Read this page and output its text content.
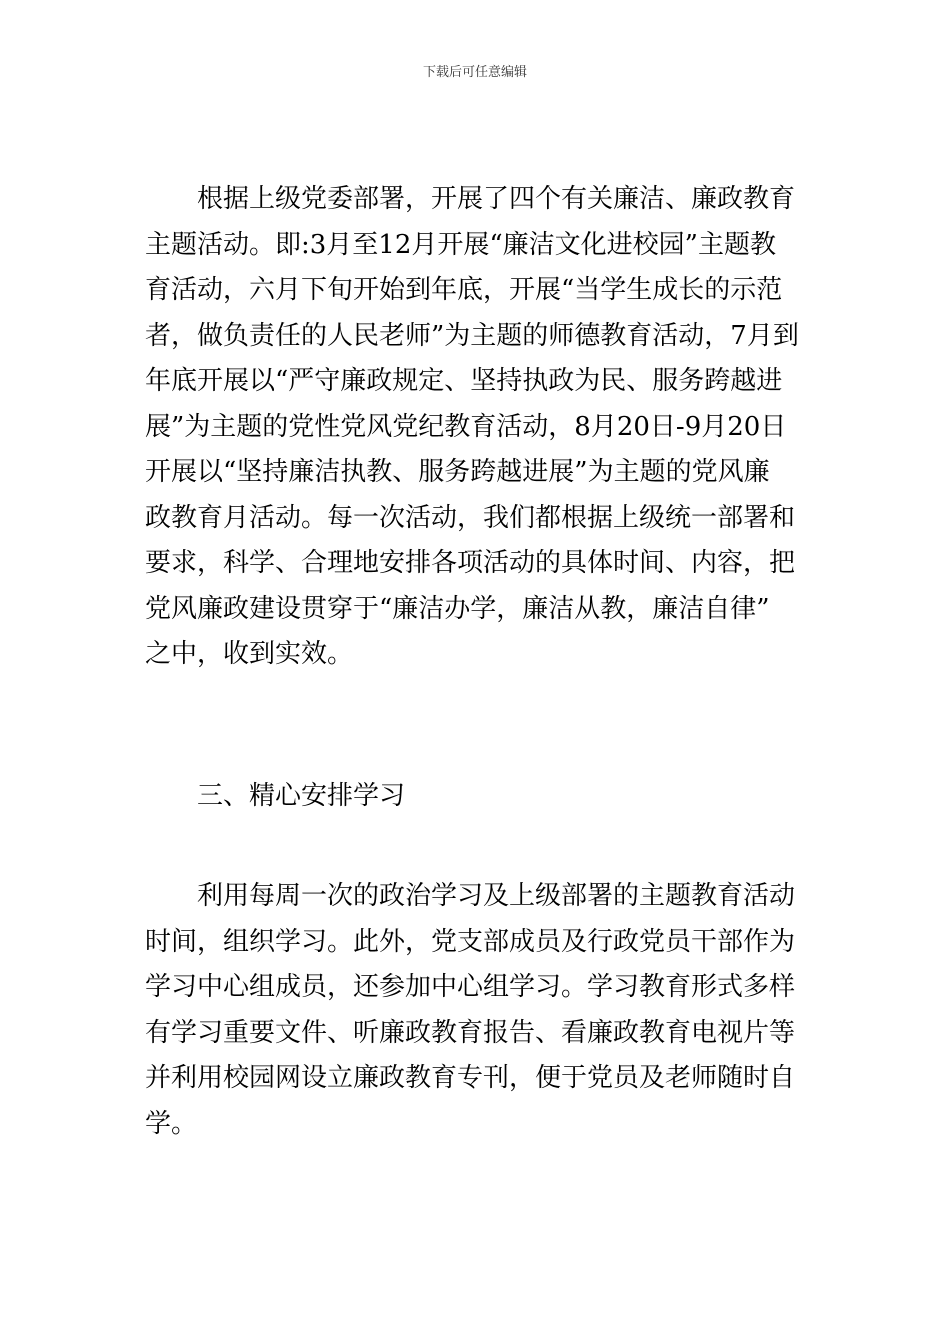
下载后可任意编辑
根据上级党委部署，开展了四个有关廉洁、廉政教育
主题活动。即:3月至12月开展“廉洁文化进校园”主题教
育活动，六月下旬开始到年底，开展“当学生成长的示范
者，做负责任的人民老师”为主题的师德教育活动，7月到
年底开展以“严守廉政规定、坚持执政为民、服务跨越进
展”为主题的党性党风党纪教育活动，8月20日-9月20日
开展以“坚持廉洁执教、服务跨越进展”为主题的党风廉
政教育月活动。每一次活动，我们都根据上级统一部署和
要求，科学、合理地安排各项活动的具体时间、内容，把
党风廉政建设贯穿于“廉洁办学，廉洁从教，廉洁自律”
之中，收到实效。
三、精心安排学习
利用每周一次的政治学习及上级部署的主题教育活动
时间，组织学习。此外，党支部成员及行政党员干部作为
学习中心组成员，还参加中心组学习。学习教育形式多样
有学习重要文件、听廉政教育报告、看廉政教育电视片等
并利用校园网设立廉政教育专刊，便于党员及老师随时自
学。
